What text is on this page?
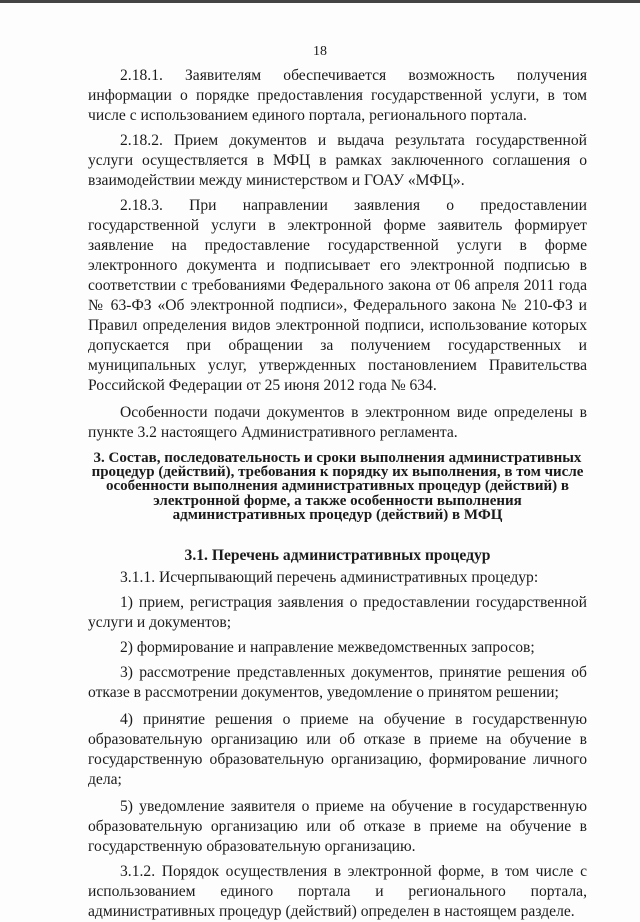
18

2.18.1. Заявителям обеспечивается возможность получения информации о порядке предоставления государственной услуги, в том числе с использованием единого портала, регионального портала.

2.18.2. Прием документов и выдача результата государственной услуги осуществляется в МФЦ в рамках заключенного соглашения о взаимодействии между министерством и ГОАУ «МФЦ».

2.18.3. При направлении заявления о предоставлении государственной услуги в электронной форме заявитель формирует заявление на предоставление государственной услуги в форме электронного документа и подписывает его электронной подписью в соответствии с требованиями Федерального закона от 06 апреля 2011 года № 63-ФЗ «Об электронной подписи», Федерального закона № 210-ФЗ и Правил определения видов электронной подписи, использование которых допускается при обращении за получением государственных и муниципальных услуг, утвержденных постановлением Правительства Российской Федерации от 25 июня 2012 года № 634.

Особенности подачи документов в электронном виде определены в пункте 3.2 настоящего Административного регламента.

3. Состав, последовательность и сроки выполнения административных процедур (действий), требования к порядку их выполнения, в том числе особенности выполнения административных процедур (действий) в электронной форме, а также особенности выполнения административных процедур (действий) в МФЦ
3.1. Перечень административных процедур

3.1.1. Исчерпывающий перечень административных процедур:

1) прием, регистрация заявления о предоставлении государственной услуги и документов;

2) формирование и направление межведомственных запросов;

3) рассмотрение представленных документов, принятие решения об отказе в рассмотрении документов, уведомление о принятом решении;

4) принятие решения о приеме на обучение в государственную образовательную организацию или об отказе в приеме на обучение в государственную образовательную организацию, формирование личного дела;

5) уведомление заявителя о приеме на обучение в государственную образовательную организацию или об отказе в приеме на обучение в государственную образовательную организацию.

3.1.2. Порядок осуществления в электронной форме, в том числе с использованием единого портала и регионального портала, административных процедур (действий) определен в настоящем разделе.
